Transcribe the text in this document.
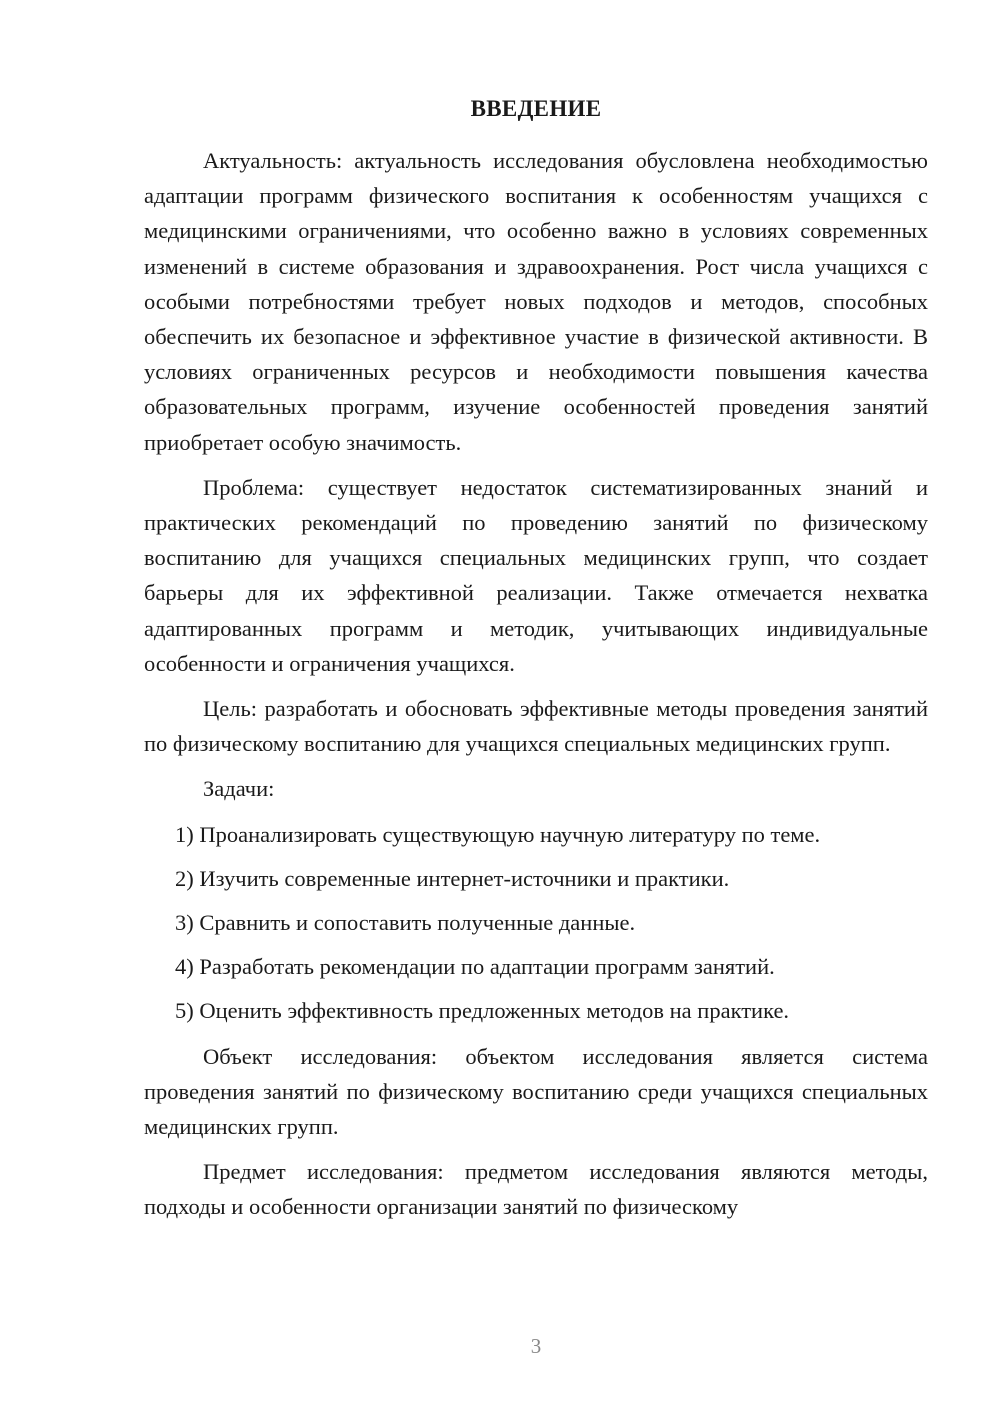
ВВЕДЕНИЕ

Актуальность: актуальность исследования обусловлена необходимостью адаптации программ физического воспитания к особенностям учащихся с медицинскими ограничениями, что особенно важно в условиях современных изменений в системе образования и здравоохранения. Рост числа учащихся с особыми потребностями требует новых подходов и методов, способных обеспечить их безопасное и эффективное участие в физической активности. В условиях ограниченных ресурсов и необходимости повышения качества образовательных программ, изучение особенностей проведения занятий приобретает особую значимость.

Проблема: существует недостаток систематизированных знаний и практических рекомендаций по проведению занятий по физическому воспитанию для учащихся специальных медицинских групп, что создает барьеры для их эффективной реализации. Также отмечается нехватка адаптированных программ и методик, учитывающих индивидуальные особенности и ограничения учащихся.

Цель: разработать и обосновать эффективные методы проведения занятий по физическому воспитанию для учащихся специальных медицинских групп.

Задачи:

1) Проанализировать существующую научную литературу по теме.

2) Изучить современные интернет-источники и практики.

3) Сравнить и сопоставить полученные данные.

4) Разработать рекомендации по адаптации программ занятий.

5) Оценить эффективность предложенных методов на практике.

Объект исследования: объектом исследования является система проведения занятий по физическому воспитанию среди учащихся специальных медицинских групп.

Предмет исследования: предметом исследования являются методы, подходы и особенности организации занятий по физическому

3
